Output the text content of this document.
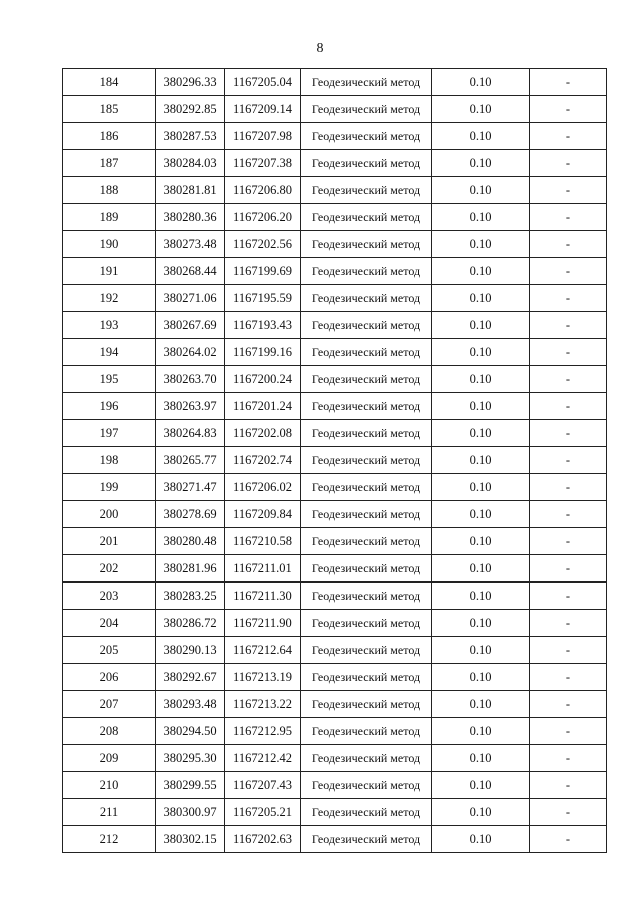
8
184	380296.33	1167205.04	Геодезический метод	0.10	-
185	380292.85	1167209.14	Геодезический метод	0.10	-
186	380287.53	1167207.98	Геодезический метод	0.10	-
187	380284.03	1167207.38	Геодезический метод	0.10	-
188	380281.81	1167206.80	Геодезический метод	0.10	-
189	380280.36	1167206.20	Геодезический метод	0.10	-
190	380273.48	1167202.56	Геодезический метод	0.10	-
191	380268.44	1167199.69	Геодезический метод	0.10	-
192	380271.06	1167195.59	Геодезический метод	0.10	-
193	380267.69	1167193.43	Геодезический метод	0.10	-
194	380264.02	1167199.16	Геодезический метод	0.10	-
195	380263.70	1167200.24	Геодезический метод	0.10	-
196	380263.97	1167201.24	Геодезический метод	0.10	-
197	380264.83	1167202.08	Геодезический метод	0.10	-
198	380265.77	1167202.74	Геодезический метод	0.10	-
199	380271.47	1167206.02	Геодезический метод	0.10	-
200	380278.69	1167209.84	Геодезический метод	0.10	-
201	380280.48	1167210.58	Геодезический метод	0.10	-
202	380281.96	1167211.01	Геодезический метод	0.10	-
203	380283.25	1167211.30	Геодезический метод	0.10	-
204	380286.72	1167211.90	Геодезический метод	0.10	-
205	380290.13	1167212.64	Геодезический метод	0.10	-
206	380292.67	1167213.19	Геодезический метод	0.10	-
207	380293.48	1167213.22	Геодезический метод	0.10	-
208	380294.50	1167212.95	Геодезический метод	0.10	-
209	380295.30	1167212.42	Геодезический метод	0.10	-
210	380299.55	1167207.43	Геодезический метод	0.10	-
211	380300.97	1167205.21	Геодезический метод	0.10	-
212	380302.15	1167202.63	Геодезический метод	0.10	-
